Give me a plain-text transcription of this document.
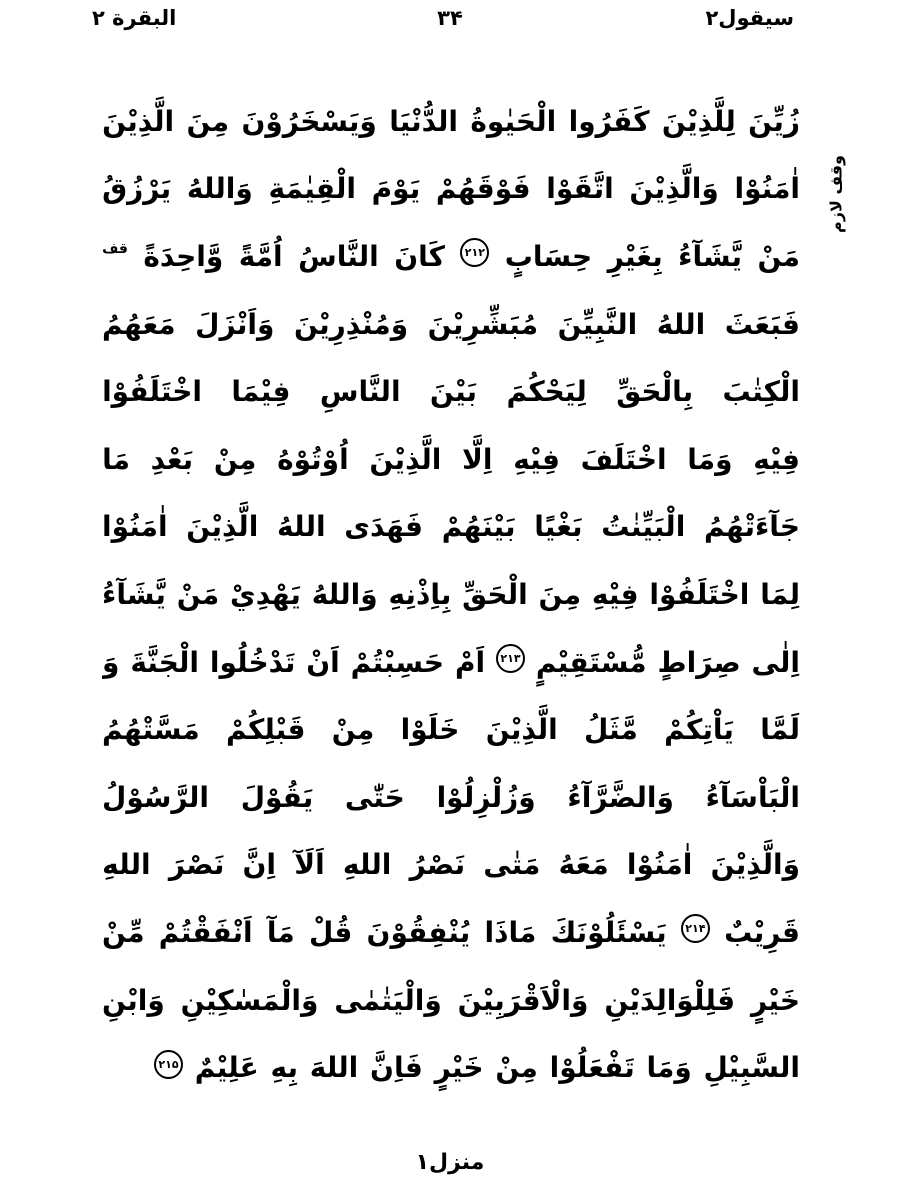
سيقول۲
۳۴
البقرة ۲
زُيِّنَ
لِلَّذِيْنَ
كَفَرُوا
الْحَيٰوةُ
الدُّنْيَا
وَيَسْخَرُوْنَ
مِنَ
الَّذِيْنَ
اٰمَنُوْا
وَالَّذِيْنَ
اتَّقَوْا
فَوْقَهُمْ
يَوْمَ
الْقِيٰمَةِ
وَاللهُ
يَرْزُقُ
مَنْ
يَّشَآءُ
بِغَيْرِ
حِسَابٍ
۲۱۲
كَانَ
النَّاسُ
اُمَّةً
وَّاحِدَةً
قف
فَبَعَثَ
اللهُ
النَّبِيِّنَ
مُبَشِّرِيْنَ
وَمُنْذِرِيْنَ
وَاَنْزَلَ
مَعَهُمُ
الْكِتٰبَ
بِالْحَقِّ
لِيَحْكُمَ
بَيْنَ
النَّاسِ
فِيْمَا
اخْتَلَفُوْا
فِيْهِ
وَمَا
اخْتَلَفَ
فِيْهِ
اِلَّا
الَّذِيْنَ
اُوْتُوْهُ
مِنْ
بَعْدِ
مَا
جَآءَتْهُمُ
الْبَيِّنٰتُ
بَغْيًا
بَيْنَهُمْ
فَهَدَى
اللهُ
الَّذِيْنَ
اٰمَنُوْا
لِمَا
اخْتَلَفُوْا
فِيْهِ
مِنَ
الْحَقِّ
بِاِذْنِهِ
وَاللهُ
يَهْدِيْ
مَنْ
يَّشَآءُ
اِلٰى
صِرَاطٍ
مُّسْتَقِيْمٍ
۲۱۳
اَمْ
حَسِبْتُمْ
اَنْ
تَدْخُلُوا
الْجَنَّةَ
وَ
لَمَّا
يَاْتِكُمْ
مَّثَلُ
الَّذِيْنَ
خَلَوْا
مِنْ
قَبْلِكُمْ
مَسَّتْهُمُ
الْبَاْسَآءُ
وَالضَّرَّآءُ
وَزُلْزِلُوْا
حَتّٰى
يَقُوْلَ
الرَّسُوْلُ
وَالَّذِيْنَ
اٰمَنُوْا
مَعَهُ
مَتٰى
نَصْرُ
اللهِ
اَلَآ
اِنَّ
نَصْرَ
اللهِ
قَرِيْبٌ
۲۱۴
يَسْئَلُوْنَكَ
مَاذَا
يُنْفِقُوْنَ
قُلْ
مَآ
اَنْفَقْتُمْ
مِّنْ
خَيْرٍ
فَلِلْوَالِدَيْنِ
وَالْاَقْرَبِيْنَ
وَالْيَتٰمٰى
وَالْمَسٰكِيْنِ
وَابْنِ
السَّبِيْلِ
وَمَا
تَفْعَلُوْا
مِنْ
خَيْرٍ
فَاِنَّ
اللهَ
بِهِ
عَلِيْمٌ
۲۱۵
وقف لازم
منزل۱
